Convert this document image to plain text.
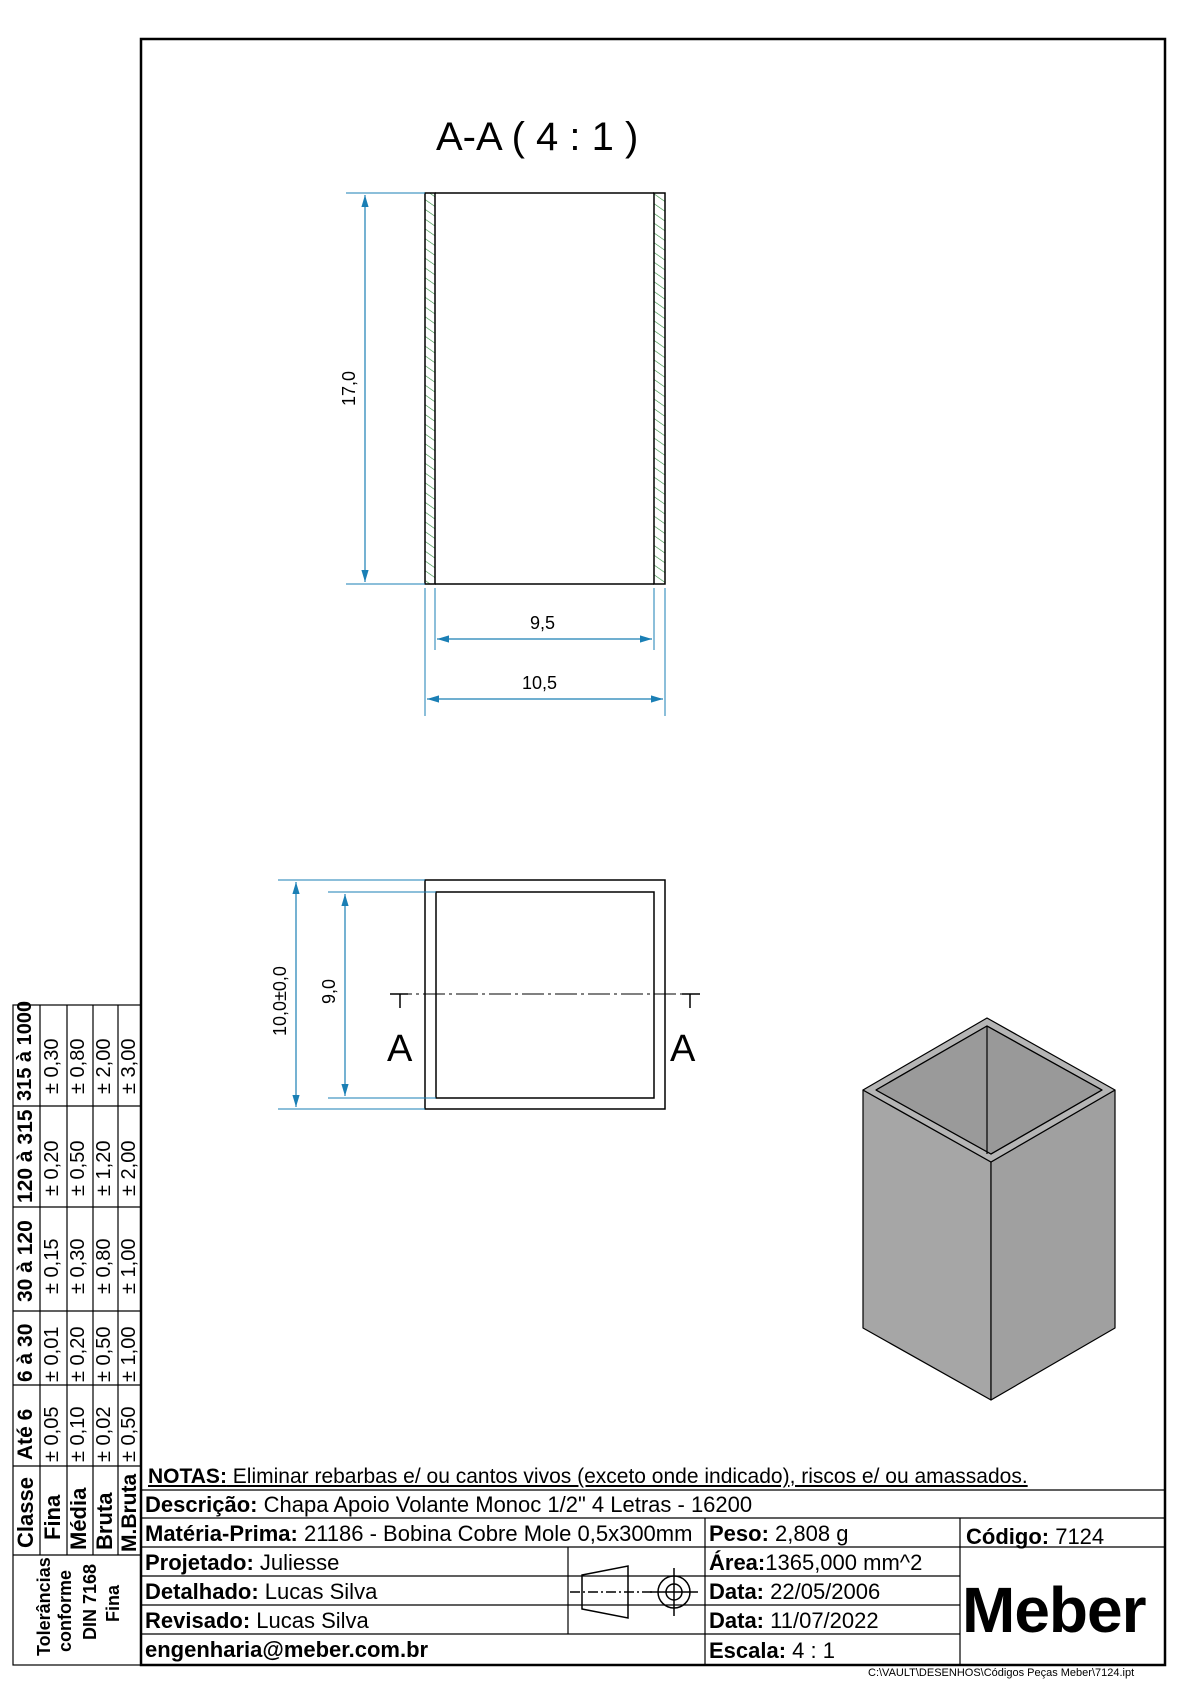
A-A ( 4 : 1 )
17,0
9,5
10,5
10,0±0,0 9,0
A	A
Tolerâncias conforme DIN 7168 Fina
Classe Fina Média Bruta M.Bruta
Até 6 ± 0,05 ± 0,10 ± 0,02 ± 0,50
6 à 30 ± 0,01 ± 0,20 ± 0,50 ± 1,00
30 à 120 ± 0,15 ± 0,30 ± 0,80 ± 1,00
120 à 315 ± 0,20 ± 0,50 ± 1,20 ± 2,00
315 à 1000 ± 0,30 ± 0,80 ± 2,00 ± 3,00
NOTAS: Eliminar rebarbas e/ ou cantos vivos (exceto onde indicado), riscos e/ ou amassados.
Descrição: Chapa Apoio Volante Monoc 1/2" 4 Letras - 16200
Matéria-Prima: 21186 - Bobina Cobre Mole 0,5x300mm Peso: 2,808 g	Código: 7124
Projetado: Juliesse
Detalhado: Lucas Silva
Revisado: Lucas Silva
engenharia@meber.com.br
Área:1365,000 mm^2
Data: 22/05/2006
Data: 11/07/2022
Escala: 4 : 1
Meber
C:\VAULT\DESENHOS\Códigos Peças Meber\7124.ipt
